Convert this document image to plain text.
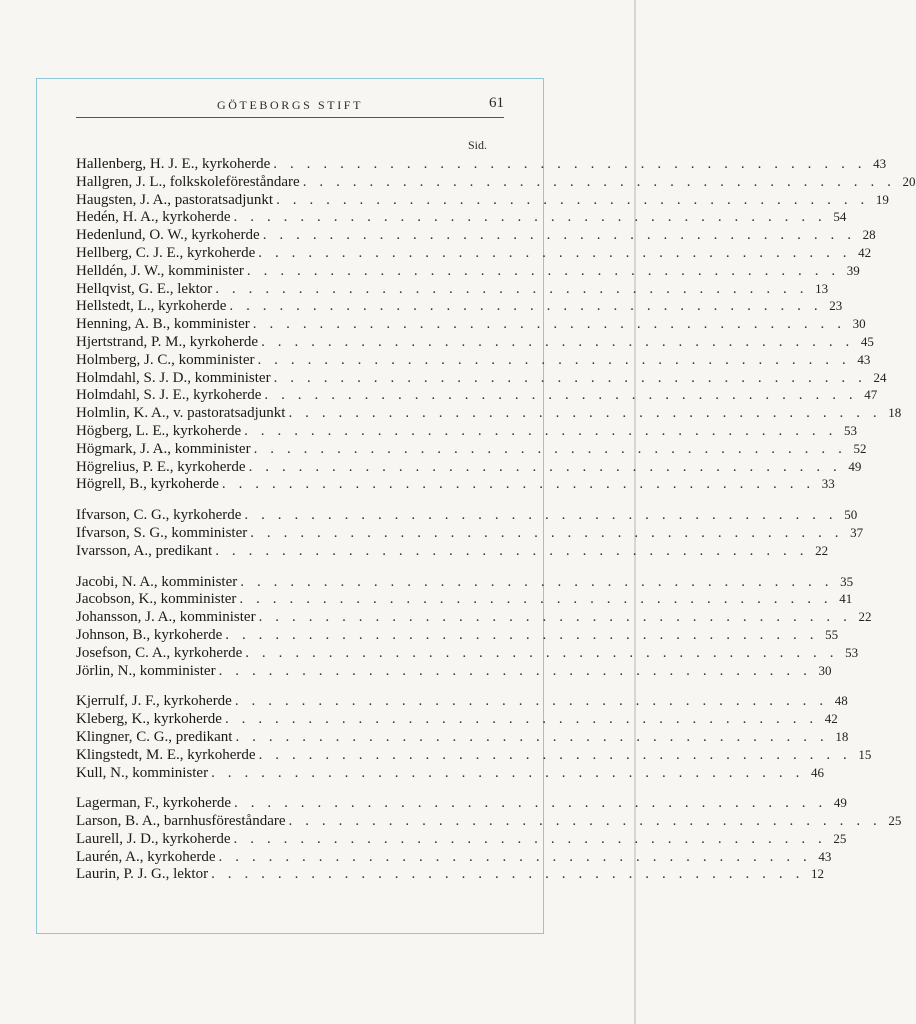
GÖTEBORGS STIFT	61
Sid.
Hallenberg, H. J. E., kyrkoherde . . . . . . . . . . . . . . . . . . . . . . . . . . . . . . . . . . . . 43
Hallgren, J. L., folkskoleföreståndare . . . . . . . . . . . . . . . . . . . . . . . . . . . . . . . . . . . . 20
Haugsten, J. A., pastoratsadjunkt . . . . . . . . . . . . . . . . . . . . . . . . . . . . . . . . . . . . 19
Hedén, H. A., kyrkoherde . . . . . . . . . . . . . . . . . . . . . . . . . . . . . . . . . . . . 54
Hedenlund, O. W., kyrkoherde . . . . . . . . . . . . . . . . . . . . . . . . . . . . . . . . . . . . 28
Hellberg, C. J. E., kyrkoherde . . . . . . . . . . . . . . . . . . . . . . . . . . . . . . . . . . . . 42
Helldén, J. W., komminister . . . . . . . . . . . . . . . . . . . . . . . . . . . . . . . . . . . . 39
Hellqvist, G. E., lektor . . . . . . . . . . . . . . . . . . . . . . . . . . . . . . . . . . . . 13
Hellstedt, L., kyrkoherde . . . . . . . . . . . . . . . . . . . . . . . . . . . . . . . . . . . . 23
Henning, A. B., komminister . . . . . . . . . . . . . . . . . . . . . . . . . . . . . . . . . . . . 30
Hjertstrand, P. M., kyrkoherde . . . . . . . . . . . . . . . . . . . . . . . . . . . . . . . . . . . . 45
Holmberg, J. C., komminister . . . . . . . . . . . . . . . . . . . . . . . . . . . . . . . . . . . . 43
Holmdahl, S. J. D., komminister . . . . . . . . . . . . . . . . . . . . . . . . . . . . . . . . . . . . 24
Holmdahl, S. J. E., kyrkoherde . . . . . . . . . . . . . . . . . . . . . . . . . . . . . . . . . . . . 47
Holmlin, K. A., v. pastoratsadjunkt . . . . . . . . . . . . . . . . . . . . . . . . . . . . . . . . . . . . 18
Högberg, L. E., kyrkoherde . . . . . . . . . . . . . . . . . . . . . . . . . . . . . . . . . . . . 53
Högmark, J. A., komminister . . . . . . . . . . . . . . . . . . . . . . . . . . . . . . . . . . . . 52
Högrelius, P. E., kyrkoherde . . . . . . . . . . . . . . . . . . . . . . . . . . . . . . . . . . . . 49
Högrell, B., kyrkoherde . . . . . . . . . . . . . . . . . . . . . . . . . . . . . . . . . . . . 33
Ifvarson, C. G., kyrkoherde . . . . . . . . . . . . . . . . . . . . . . . . . . . . . . . . . . . . 50
Ifvarson, S. G., komminister . . . . . . . . . . . . . . . . . . . . . . . . . . . . . . . . . . . . 37
Ivarsson, A., predikant . . . . . . . . . . . . . . . . . . . . . . . . . . . . . . . . . . . . 22
Jacobi, N. A., komminister . . . . . . . . . . . . . . . . . . . . . . . . . . . . . . . . . . . . 35
Jacobson, K., komminister . . . . . . . . . . . . . . . . . . . . . . . . . . . . . . . . . . . . 41
Johansson, J. A., komminister . . . . . . . . . . . . . . . . . . . . . . . . . . . . . . . . . . . . 22
Johnson, B., kyrkoherde . . . . . . . . . . . . . . . . . . . . . . . . . . . . . . . . . . . . 55
Josefson, C. A., kyrkoherde . . . . . . . . . . . . . . . . . . . . . . . . . . . . . . . . . . . . 53
Jörlin, N., komminister . . . . . . . . . . . . . . . . . . . . . . . . . . . . . . . . . . . . 30
Kjerrulf, J. F., kyrkoherde . . . . . . . . . . . . . . . . . . . . . . . . . . . . . . . . . . . . 48
Kleberg, K., kyrkoherde . . . . . . . . . . . . . . . . . . . . . . . . . . . . . . . . . . . . 42
Klingner, C. G., predikant . . . . . . . . . . . . . . . . . . . . . . . . . . . . . . . . . . . . 18
Klingstedt, M. E., kyrkoherde . . . . . . . . . . . . . . . . . . . . . . . . . . . . . . . . . . . . 15
Kull, N., komminister . . . . . . . . . . . . . . . . . . . . . . . . . . . . . . . . . . . . 46
Lagerman, F., kyrkoherde . . . . . . . . . . . . . . . . . . . . . . . . . . . . . . . . . . . . 49
Larson, B. A., barnhusföreståndare . . . . . . . . . . . . . . . . . . . . . . . . . . . . . . . . . . . . 25
Laurell, J. D., kyrkoherde . . . . . . . . . . . . . . . . . . . . . . . . . . . . . . . . . . . . 25
Laurén, A., kyrkoherde . . . . . . . . . . . . . . . . . . . . . . . . . . . . . . . . . . . . 43
Laurin, P. J. G., lektor . . . . . . . . . . . . . . . . . . . . . . . . . . . . . . . . . . . . 12
